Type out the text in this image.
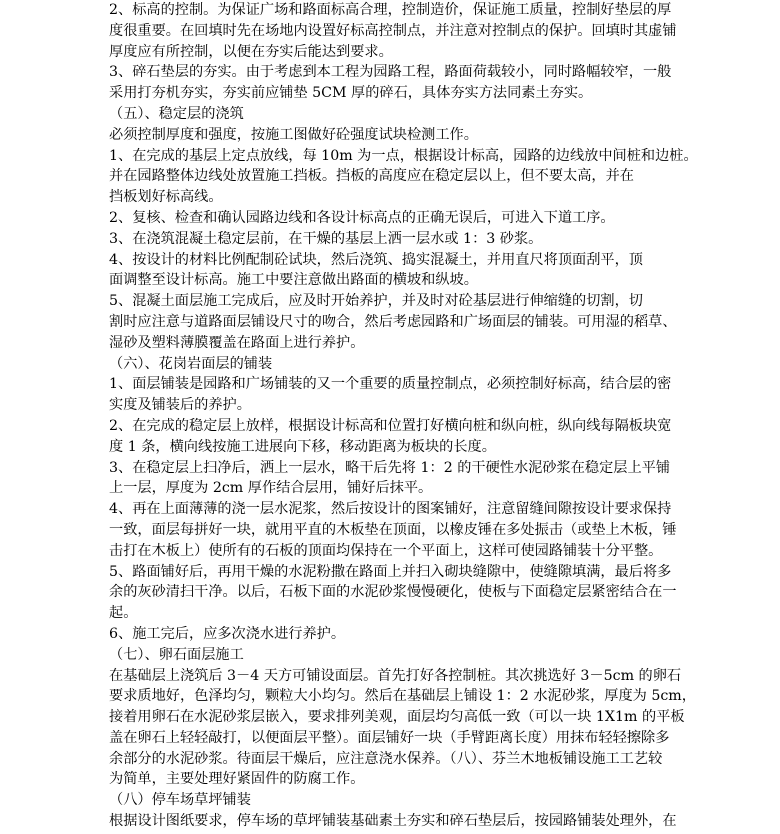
2、标高的控制。为保证广场和路面标高合理，控制造价，保证施工质量，控制好垫层的厚
度很重要。在回填时先在场地内设置好标高控制点，并注意对控制点的保护。回填时其虚铺
厚度应有所控制，以便在夯实后能达到要求。
3、碎石垫层的夯实。由于考虑到本工程为园路工程，路面荷载较小，同时路幅较窄，一般
采用打夯机夯实，夯实前应铺垫 5CM 厚的碎石，具体夯实方法同素土夯实。
（五）、稳定层的浇筑
必须控制厚度和强度，按施工图做好砼强度试块检测工作。
1、在完成的基层上定点放线，每 10m 为一点，根据设计标高，园路的边线放中间桩和边桩。
并在园路整体边线处放置施工挡板。挡板的高度应在稳定层以上，但不要太高，并在
挡板划好标高线。
2、复核、检查和确认园路边线和各设计标高点的正确无误后，可进入下道工序。
3、在浇筑混凝土稳定层前，在干燥的基层上洒一层水或 1：3 砂浆。
4、按设计的材料比例配制砼试块，然后浇筑、捣实混凝土，并用直尺将顶面刮平，顶
面调整至设计标高。施工中要注意做出路面的横坡和纵坡。
5、混凝土面层施工完成后，应及时开始养护，并及时对砼基层进行伸缩缝的切割，切
割时应注意与道路面层铺设尺寸的吻合，然后考虑园路和广场面层的铺装。可用湿的稻草、
湿砂及塑料薄膜覆盖在路面上进行养护。
（六）、花岗岩面层的铺装
1、面层铺装是园路和广场铺装的又一个重要的质量控制点，必须控制好标高，结合层的密
实度及铺装后的养护。
2、在完成的稳定层上放样，根据设计标高和位置打好横向桩和纵向桩，纵向线每隔板块宽
度 1 条，横向线按施工进展向下移，移动距离为板块的长度。
3、在稳定层上扫净后，洒上一层水，略干后先将 1：2 的干硬性水泥砂浆在稳定层上平铺
上一层，厚度为 2cm 厚作结合层用，铺好后抹平。
4、再在上面薄薄的浇一层水泥浆，然后按设计的图案铺好，注意留缝间隙按设计要求保持
一致，面层每拼好一块，就用平直的木板垫在顶面，以橡皮锤在多处振击（或垫上木板，锤
击打在木板上）使所有的石板的顶面均保持在一个平面上，这样可使园路铺装十分平整。
5、路面铺好后，再用干燥的水泥粉撒在路面上并扫入砌块缝隙中，使缝隙填满，最后将多
余的灰砂清扫干净。以后，石板下面的水泥砂浆慢慢硬化，使板与下面稳定层紧密结合在一
起。
6、施工完后，应多次浇水进行养护。
（七）、卵石面层施工
在基础层上浇筑后 3－4 天方可铺设面层。首先打好各控制桩。其次挑选好 3－5cm 的卵石
要求质地好，色泽均匀，颗粒大小均匀。然后在基础层上铺设 1：2 水泥砂浆，厚度为 5cm，
接着用卵石在水泥砂浆层嵌入，要求排列美观，面层均匀高低一致（可以一块 1X1m 的平板
盖在卵石上轻轻敲打，以便面层平整）。面层铺好一块（手臂距离长度）用抹布轻轻擦除多
余部分的水泥砂浆。待面层干燥后，应注意浇水保养。（八）、芬兰木地板铺设施工工艺较
为简单，主要处理好紧固件的防腐工作。
（八）停车场草坪铺装
根据设计图纸要求，停车场的草坪铺装基础素土夯实和碎石垫层后，按园路铺装处理外，在
